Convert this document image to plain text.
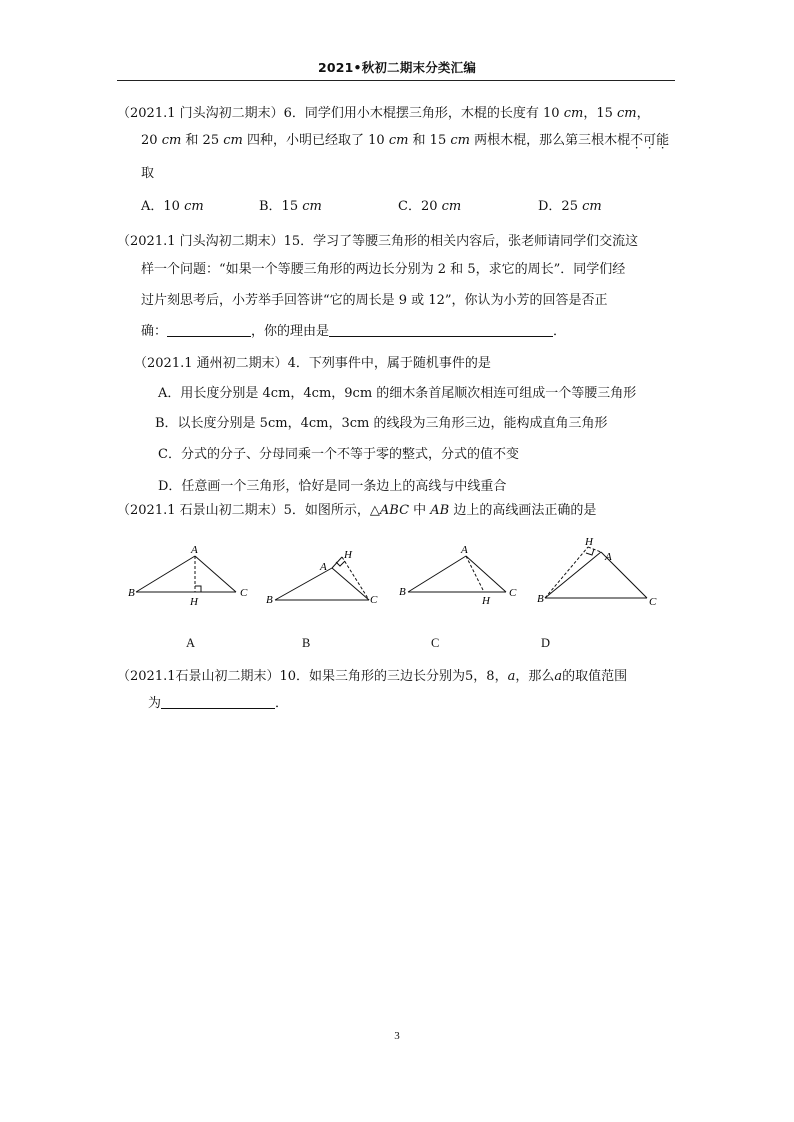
2021•秋初二期末分类汇编
（2021.1 门头沟初二期末）6．同学们用小木棍摆三角形，木棍的长度有 10 cm，15 cm，
20 cm 和 25 cm 四种，小明已经取了 10 cm 和 15 cm 两根木棍，那么第三根木棍不可能
取
A．10 cm	B．15 cm	C．20 cm	D．25 cm
（2021.1 门头沟初二期末）15．学习了等腰三角形的相关内容后，张老师请同学们交流这
样一个问题：“如果一个等腰三角形的两边长分别为 2 和 5，求它的周长”．同学们经
过片刻思考后，小芳举手回答讲“它的周长是 9 或 12”，你认为小芳的回答是否正
确：	，你的理由是	．
（2021.1 通州初二期末）4．下列事件中，属于随机事件的是
A．用长度分别是 4cm，4cm，9cm 的细木条首尾顺次相连可组成一个等腰三角形
B．以长度分别是 5cm，4cm，3cm 的线段为三角形三边，能构成直角三角形
C．分式的分子、分母同乘一个不等于零的整式，分式的值不变
D．任意画一个三角形，恰好是同一条边上的高线与中线重合
（2021.1 石景山初二期末）5．如图所示，△ABC 中 AB 边上的高线画法正确的是
A
B	C
H
A
B	C
H	A
B	C
H
A
B	C
H
A	B	C	D
（2021.1石景山初二期末）10．如果三角形的三边长分别为5，8，a，那么a的取值范围
为	．
3
